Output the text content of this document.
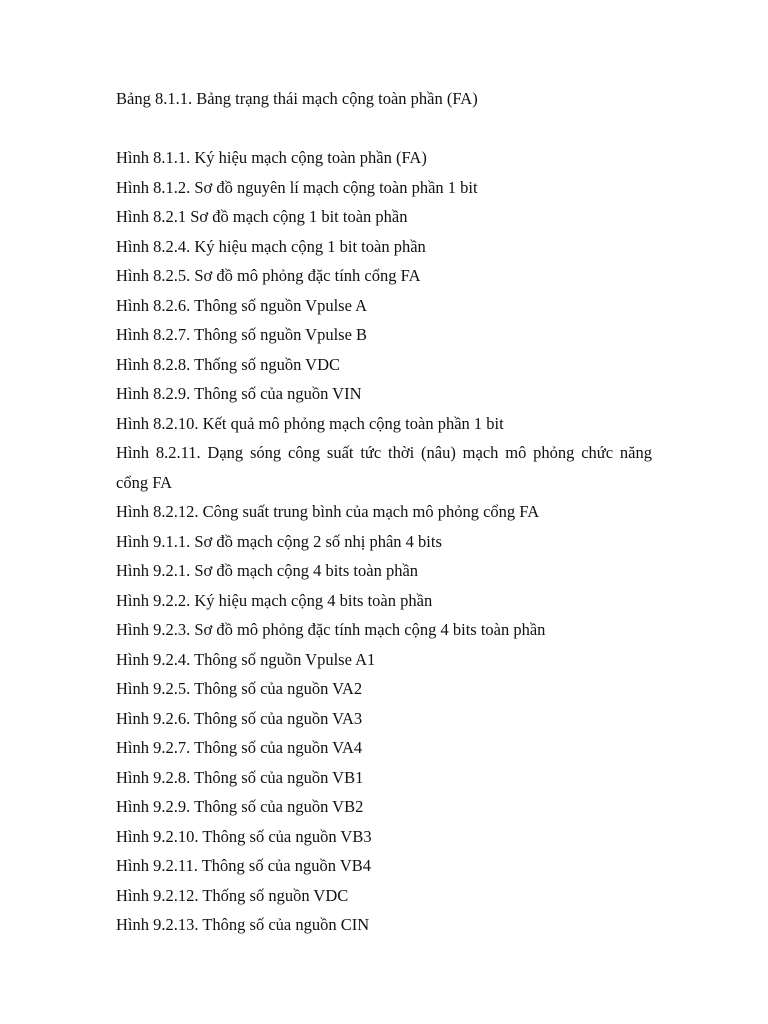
Bảng 8.1.1. Bảng trạng thái mạch cộng toàn phần (FA)

Hình 8.1.1. Ký hiệu mạch cộng toàn phần (FA)
Hình 8.1.2. Sơ đồ nguyên lí mạch cộng toàn phần 1 bit
Hình 8.2.1 Sơ đồ mạch cộng 1 bit toàn phần
Hình 8.2.4. Ký hiệu mạch cộng 1 bit toàn phần
Hình 8.2.5. Sơ đồ mô phỏng đặc tính cổng FA
Hình 8.2.6. Thông số nguồn Vpulse A
Hình 8.2.7. Thông số nguồn Vpulse B
Hình 8.2.8. Thống số nguồn VDC
Hình 8.2.9. Thông số của nguồn VIN
Hình 8.2.10. Kết quả mô phỏng mạch cộng toàn phần 1 bit
Hình 8.2.11. Dạng sóng công suất tức thời (nâu) mạch mô phỏng chức năng cổng FA
Hình 8.2.12. Công suất trung bình của mạch mô phỏng cổng FA
Hình 9.1.1. Sơ đồ mạch cộng 2 số nhị phân 4 bits
Hình 9.2.1. Sơ đồ mạch cộng 4 bits toàn phần
Hình 9.2.2. Ký hiệu mạch cộng 4 bits toàn phần
Hình 9.2.3. Sơ đồ mô phỏng đặc tính mạch cộng 4 bits toàn phần
Hình 9.2.4. Thông số nguồn Vpulse A1
Hình 9.2.5. Thông số của nguồn VA2
Hình 9.2.6. Thông số của nguồn VA3
Hình 9.2.7. Thông số của nguồn VA4
Hình 9.2.8. Thông số của nguồn VB1
Hình 9.2.9. Thông số của nguồn VB2
Hình 9.2.10. Thông số của nguồn VB3
Hình 9.2.11. Thông số của nguồn VB4
Hình 9.2.12. Thống số nguồn VDC
Hình 9.2.13. Thông số của nguồn CIN
